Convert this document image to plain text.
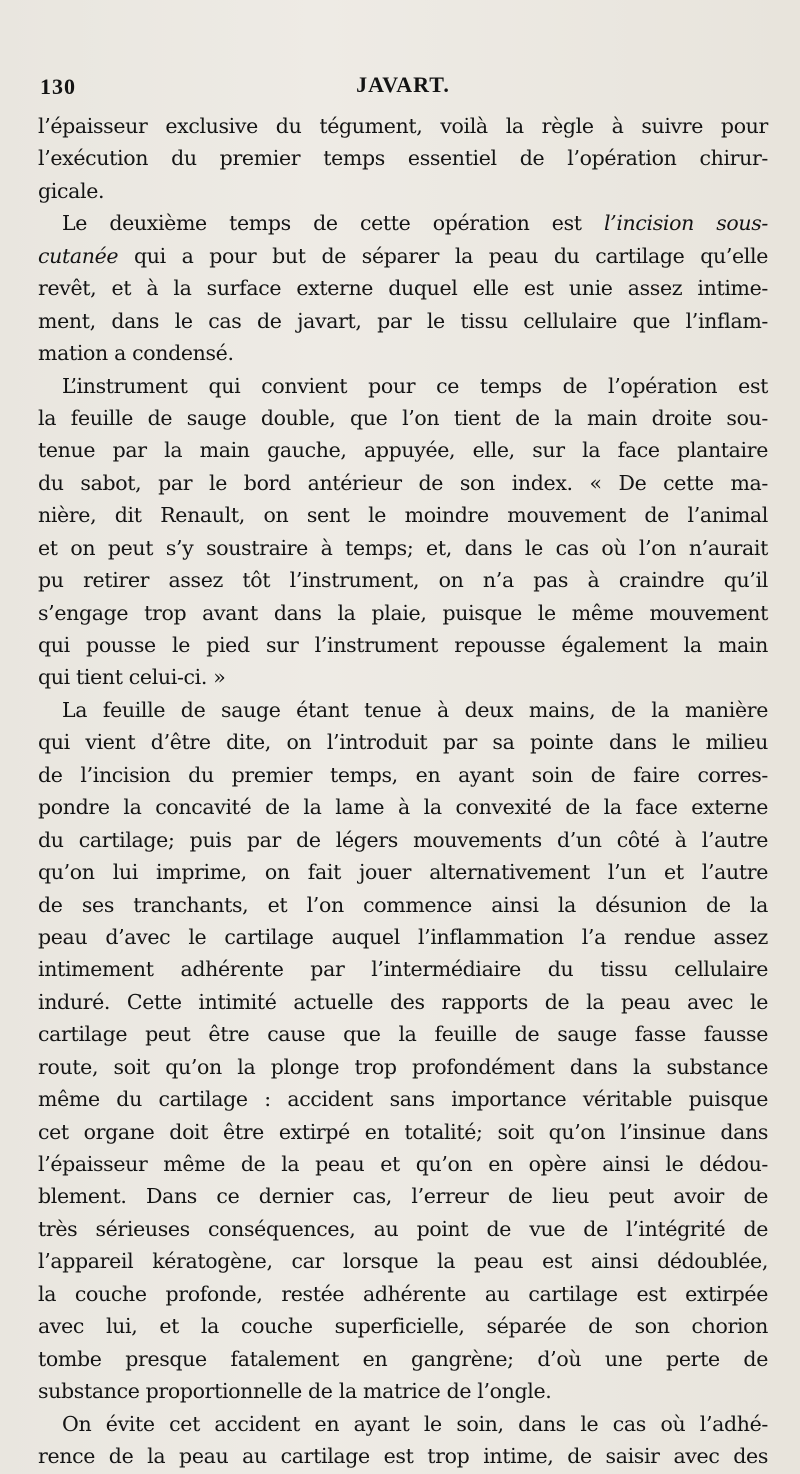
130	JAVART.
l’épaisseur exclusive du tégument, voilà la règle à suivre pour
l’exécution du premier temps essentiel de l’opération chirur-
gicale.
Le deuxième temps de cette opération est l’incision sous-
cutanée qui a pour but de séparer la peau du cartilage qu’elle
revêt, et à la surface externe duquel elle est unie assez intime-
ment, dans le cas de javart, par le tissu cellulaire que l’inflam-
mation a condensé.
L’instrument qui convient pour ce temps de l’opération est
la feuille de sauge double, que l’on tient de la main droite sou-
tenue par la main gauche, appuyée, elle, sur la face plantaire
du sabot, par le bord antérieur de son index. « De cette ma-
nière, dit Renault, on sent le moindre mouvement de l’animal
et on peut s’y soustraire à temps; et, dans le cas où l’on n’aurait
pu retirer assez tôt l’instrument, on n’a pas à craindre qu’il
s’engage trop avant dans la plaie, puisque le même mouvement
qui pousse le pied sur l’instrument repousse également la main
qui tient celui-ci. »
La feuille de sauge étant tenue à deux mains, de la manière
qui vient d’être dite, on l’introduit par sa pointe dans le milieu
de l’incision du premier temps, en ayant soin de faire corres-
pondre la concavité de la lame à la convexité de la face externe
du cartilage; puis par de légers mouvements d’un côté à l’autre
qu’on lui imprime, on fait jouer alternativement l’un et l’autre
de ses tranchants, et l’on commence ainsi la désunion de la
peau d’avec le cartilage auquel l’inflammation l’a rendue assez
intimement adhérente par l’intermédiaire du tissu cellulaire
induré. Cette intimité actuelle des rapports de la peau avec le
cartilage peut être cause que la feuille de sauge fasse fausse
route, soit qu’on la plonge trop profondément dans la substance
même du cartilage : accident sans importance véritable puisque
cet organe doit être extirpé en totalité; soit qu’on l’insinue dans
l’épaisseur même de la peau et qu’on en opère ainsi le dédou-
blement. Dans ce dernier cas, l’erreur de lieu peut avoir de
très sérieuses conséquences, au point de vue de l’intégrité de
l’appareil kératogène, car lorsque la peau est ainsi dédoublée,
la couche profonde, restée adhérente au cartilage est extirpée
avec lui, et la couche superficielle, séparée de son chorion
tombe presque fatalement en gangrène; d’où une perte de
substance proportionnelle de la matrice de l’ongle.
On évite cet accident en ayant le soin, dans le cas où l’adhé-
rence de la peau au cartilage est trop intime, de saisir avec des
